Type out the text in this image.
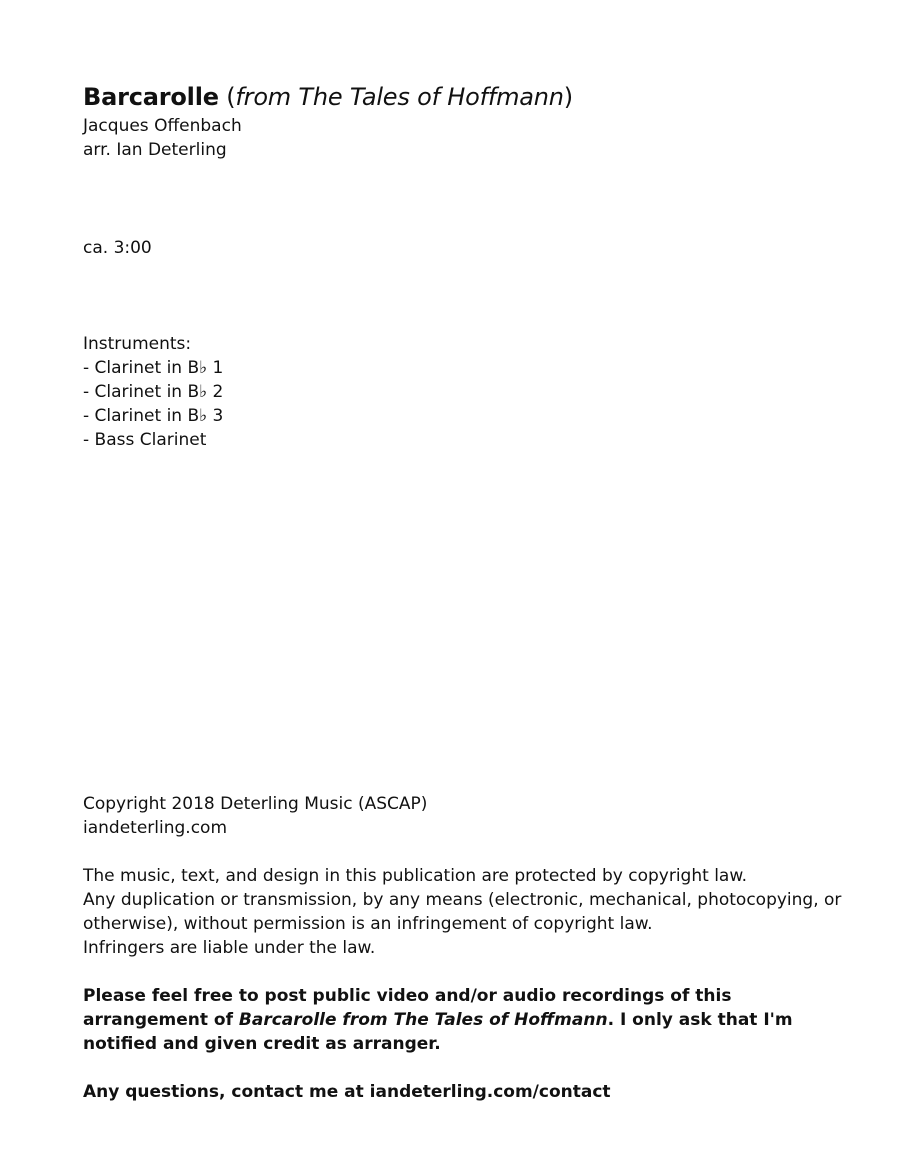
Barcarolle (from The Tales of Hoffmann)

Jacques Offenbach

arr. Ian Deterling

ca. 3:00

Instruments:

- Clarinet in B♭ 1

- Clarinet in B♭ 2

- Clarinet in B♭ 3

- Bass Clarinet

Copyright 2018 Deterling Music (ASCAP)

iandeterling.com

The music, text, and design in this publication are protected by copyright law.

Any duplication or transmission, by any means (electronic, mechanical, photocopying, or

otherwise), without permission is an infringement of copyright law.

Infringers are liable under the law.

Please feel free to post public video and/or audio recordings of this arrangement of Barcarolle from The Tales of Hoffmann. I only ask that I'm notified and given credit as arranger.

Any questions, contact me at iandeterling.com/contact
